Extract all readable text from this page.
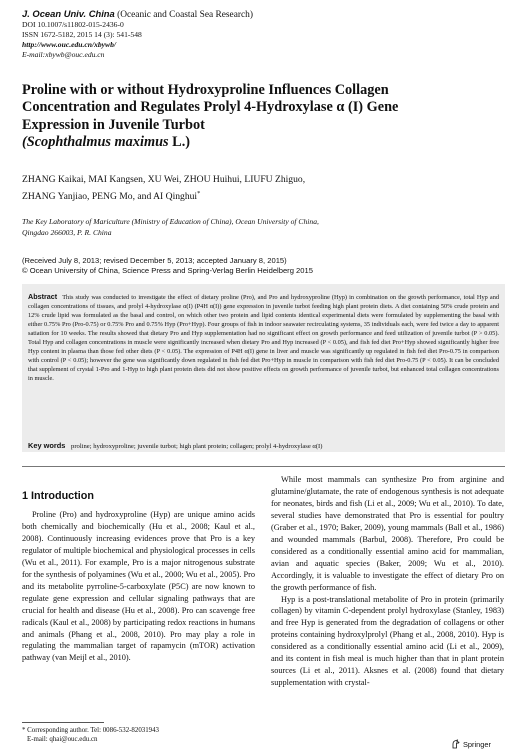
J. Ocean Univ. China (Oceanic and Coastal Sea Research)
DOI 10.1007/s11802-015-2436-0
ISSN 1672-5182, 2015 14 (3): 541-548
http://www.ouc.edu.cn/xbywb/
E-mail:xbywb@ouc.edu.cn
Proline with or without Hydroxyproline Influences Collagen Concentration and Regulates Prolyl 4-Hydroxylase α (I) Gene Expression in Juvenile Turbot
(Scophthalmus maximus L.)
ZHANG Kaikai, MAI Kangsen, XU Wei, ZHOU Huihui, LIUFU Zhiguo,
ZHANG Yanjiao, PENG Mo, and AI Qinghui*
The Key Laboratory of Mariculture (Ministry of Education of China), Ocean University of China,
Qingdao 266003, P. R. China
(Received July 8, 2013; revised December 5, 2013; accepted January 8, 2015)
© Ocean University of China, Science Press and Spring-Verlag Berlin Heidelberg 2015
Abstract This study was conducted to investigate the effect of dietary proline (Pro), and Pro and hydroxyproline (Hyp) in combination on the growth performance, total Hyp and collagen concentrations of tissues, and prolyl 4-hydroxylase α(I) (P4H α(I)) gene expression in juvenile turbot feeding high plant protein diets. A diet containing 50% crude protein and 12% crude lipid was formulated as the basal and control, on which other two protein and lipid contents identical experimental diets were formulated by supplementing the basal with either 0.75% Pro (Pro-0.75) or 0.75% Pro and 0.75% Hyp (Pro+Hyp). Four groups of fish in indoor seawater recirculating systems, 35 individuals each, were fed twice a day to apparent satiation for 10 weeks. The results showed that dietary Pro and Hyp supplementation had no significant effect on growth performance and feed utilization of juvenile turbot (P > 0.05). Total Hyp and collagen concentrations in muscle were significantly increased when dietary Pro and Hyp increased (P < 0.05), and fish fed diet Pro+Hyp showed significantly higher free Hyp content in plasma than those fed other diets (P < 0.05). The expression of P4H α(I) gene in liver and muscle was significantly up regulated in fish fed diet Pro-0.75 in comparison with control (P < 0.05); however the gene was significantly down regulated in fish fed diet Pro+Hyp in muscle in comparison with fish fed diet Pro-0.75 (P < 0.05). It can be concluded that supplement of crystal 1-Pro and 1-Hyp to high plant protein diets did not show positive effects on growth performance of juvenile turbot, but enhanced total collagen concentrations in muscle.
Key words proline; hydroxyproline; juvenile turbot; high plant protein; collagen; prolyl 4-hydroxylase α(I)
1 Introduction

Proline (Pro) and hydroxyproline (Hyp) are unique amino acids both chemically and biochemically (Hu et al., 2008; Kaul et al., 2008). Continuously increasing evidences prove that Pro is a key regulator of multiple biochemical and physiological processes in cells (Wu et al., 2011). For example, Pro is a major nitrogenous substrate for the synthesis of polyamines (Wu et al., 2000; Wu et al., 2005). Pro and its metabolite pyrroline-5-carboxylate (P5C) are now known to regulate gene expression and cellular signaling pathways that are crucial for health and disease (Hu et al., 2008). Pro can scavenge free radicals (Kaul et al., 2008) by participating redox reactions in humans and animals (Phang et al., 2008, 2010). Pro may play a role in regulating the mammalian target of rapamycin (mTOR) activation pathway (van Meijl et al., 2010).

While most mammals can synthesize Pro from arginine and glutamine/glutamate, the rate of endogenous synthesis is not adequate for neonates, birds and fish (Li et al., 2009; Wu et al., 2010). To date, several studies have demonstrated that Pro is essential for poultry (Graber et al., 1970; Baker, 2009), young mammals (Ball et al., 1986) and wounded mammals (Barbul, 2008). Therefore, Pro could be considered as a conditionally essential amino acid for mammalian, avian and aquatic species (Baker, 2009; Wu et al., 2010). Accordingly, it is valuable to investigate the effect of dietary Pro on the growth performance of fish.

Hyp is a post-translational metabolite of Pro in protein (primarily collagen) by vitamin C-dependent prolyl hydroxylase (Stanley, 1983) and free Hyp is generated from the degradation of collagens or other proteins containing hydroxylprolyl (Phang et al., 2008, 2010). Hyp is considered as a conditionally essential amino acid (Li et al., 2009), and its content in fish meal is much higher than that in plant protein sources (Li et al., 2011). Aksnes et al. (2008) found that dietary supplementation with crystal-

* Corresponding author. Tel: 0086-532-82031943
E-mail: qhai@ouc.edu.cn
Springer
